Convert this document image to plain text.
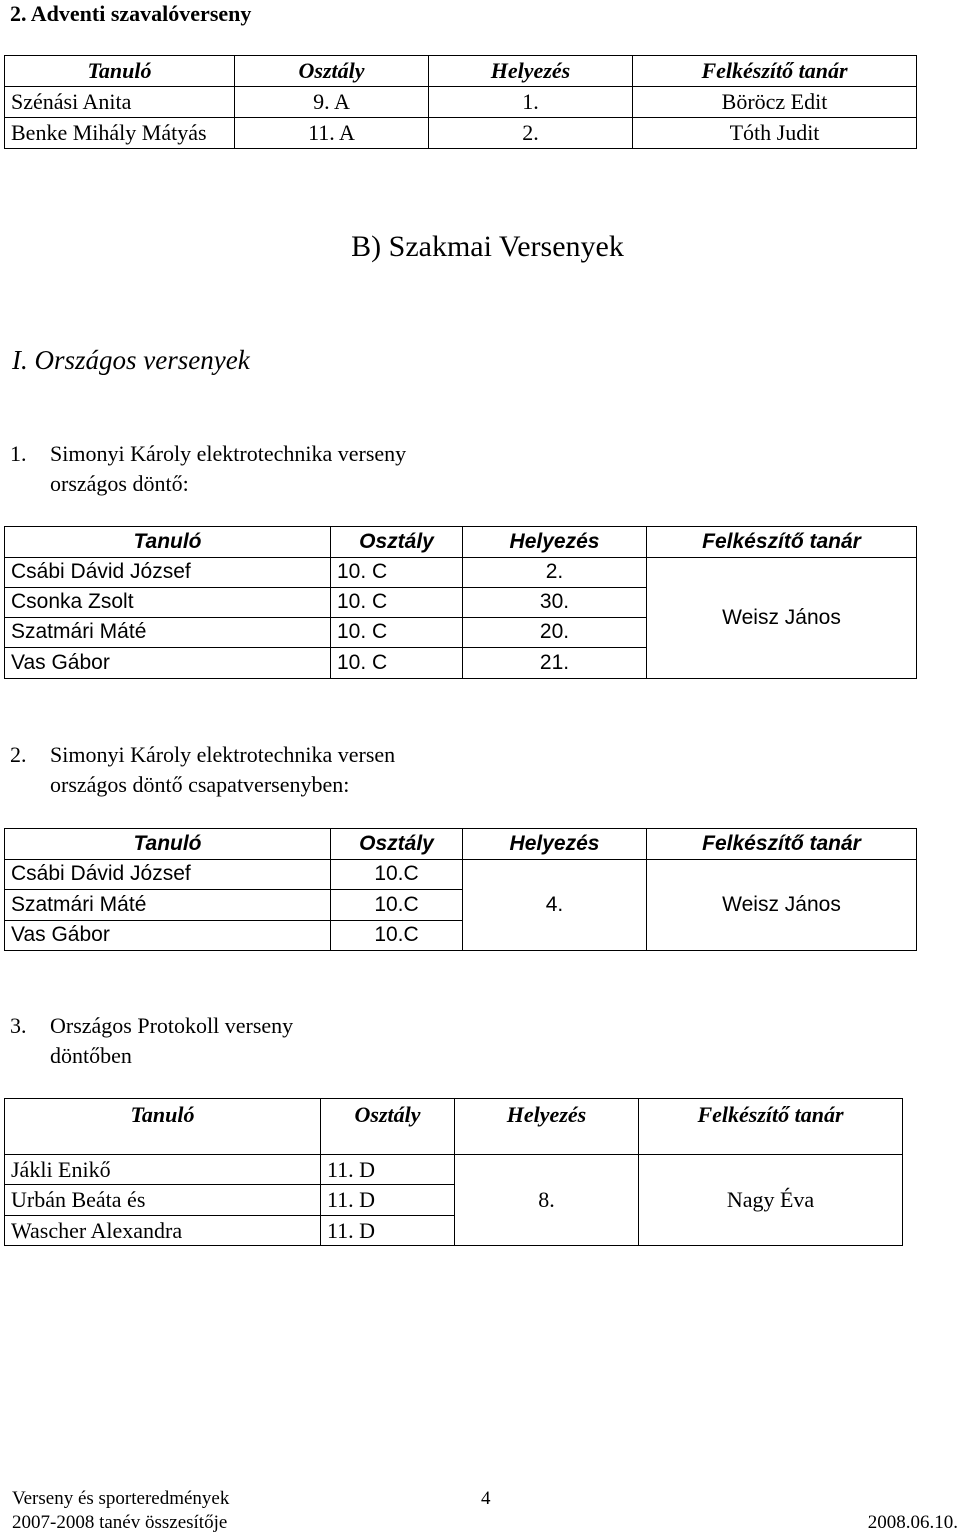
2. Adventi szavalóverseny
Tanuló	Osztály	Helyezés	Felkészítő tanár
Szénási Anita	9. A	1.	Böröcz Edit
Benke Mihály Mátyás	11. A	2.	Tóth Judit
B) Szakmai Versenyek
I. Országos versenyek
1. Simonyi Károly elektrotechnika verseny
országos döntő:
Tanuló	Osztály	Helyezés	Felkészítő tanár
Csábi Dávid József	10. C	2.	Weisz János
Csonka Zsolt	10. C	30.	
Szatmári Máté	10. C	20.	
Vas Gábor	10. C	21.	
2. Simonyi Károly elektrotechnika versen
országos döntő csapatversenyben:
Tanuló	Osztály	Helyezés	Felkészítő tanár
Csábi Dávid József	10.C	4.	Weisz János
Szatmári Máté	10.C		
Vas Gábor	10.C		
3. Országos Protokoll verseny
döntőben
Tanuló	Osztály	Helyezés	Felkészítő tanár
Jákli Enikő	11. D	8.	Nagy Éva
Urbán Beáta és	11. D		
Wascher Alexandra	11. D		
Verseny és sporteredmények	4
2007-2008 tanév összesítője	2008.06.10.
